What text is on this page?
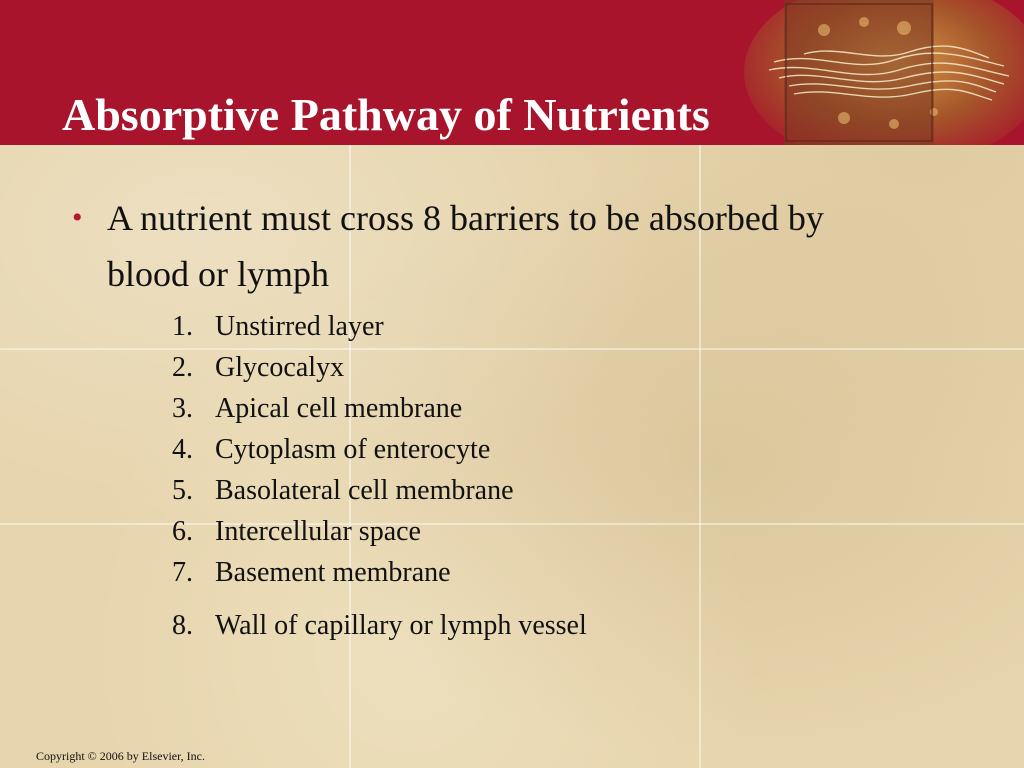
Absorptive Pathway of Nutrients
• A nutrient must cross 8 barriers to be absorbed by blood or lymph
1. Unstirred layer
2. Glycocalyx
3. Apical cell membrane
4. Cytoplasm of enterocyte
5. Basolateral cell membrane
6. Intercellular space
7. Basement membrane
8. Wall of capillary or lymph vessel
Copyright © 2006 by Elsevier, Inc.
